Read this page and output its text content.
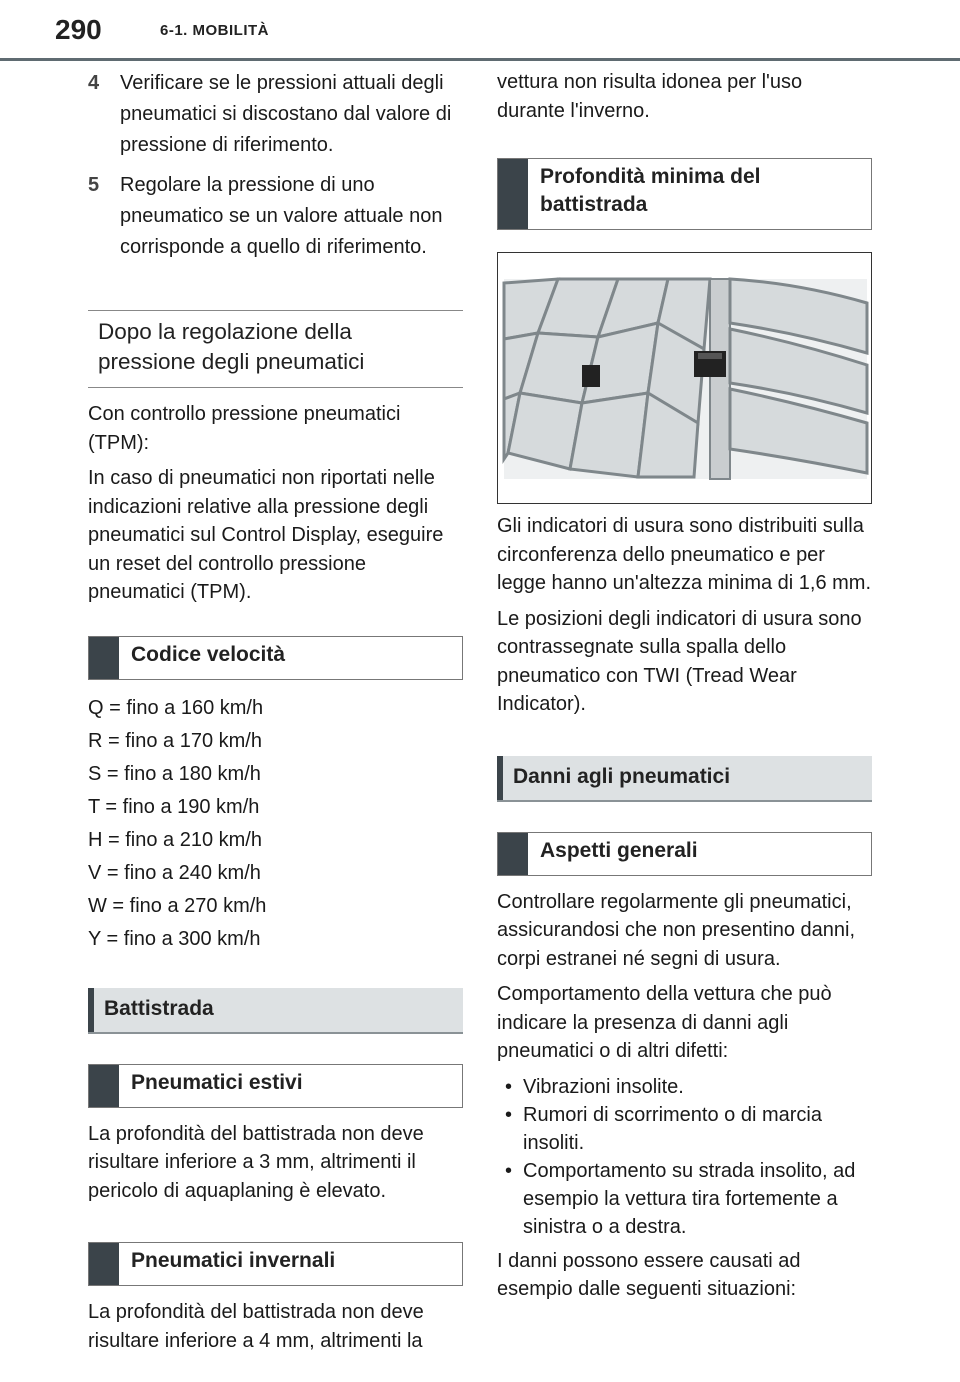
290	6-1. MOBILITÀ
4 Verificare se le pressioni attuali degli pneumatici si discostano dal valore di pressione di riferimento.
5 Regolare la pressione di uno pneumatico se un valore attuale non corrisponde a quello di riferimento.
Dopo la regolazione della pressione degli pneumatici

Con controllo pressione pneumatici (TPM):

In caso di pneumatici non riportati nelle indicazioni relative alla pressione degli pneumatici sul Control Display, eseguire un reset del controllo pressione pneumatici (TPM).

Codice velocità
Q = fino a 160 km/h
R = fino a 170 km/h
S = fino a 180 km/h
T = fino a 190 km/h
H = fino a 210 km/h
V = fino a 240 km/h
W = fino a 270 km/h
Y = fino a 300 km/h
Battistrada
Pneumatici estivi

La profondità del battistrada non deve risultare inferiore a 3 mm, altrimenti il pericolo di aquaplaning è elevato.

Pneumatici invernali

La profondità del battistrada non deve risultare inferiore a 4 mm, altrimenti la

vettura non risulta idonea per l'uso durante l'inverno.

Profondità minima del battistrada

Gli indicatori di usura sono distribuiti sulla circonferenza dello pneumatico e per legge hanno un'altezza minima di 1,6 mm.

Le posizioni degli indicatori di usura sono contrassegnate sulla spalla dello pneumatico con TWI (Tread Wear Indicator).

Danni agli pneumatici
Aspetti generali

Controllare regolarmente gli pneumatici, assicurandosi che non presentino danni, corpi estranei né segni di usura.

Comportamento della vettura che può indicare la presenza di danni agli pneumatici o di altri difetti:

• Vibrazioni insolite.
• Rumori di scorrimento o di marcia insoliti.
• Comportamento su strada insolito, ad esempio la vettura tira fortemente a sinistra o a destra.

I danni possono essere causati ad esempio dalle seguenti situazioni:
